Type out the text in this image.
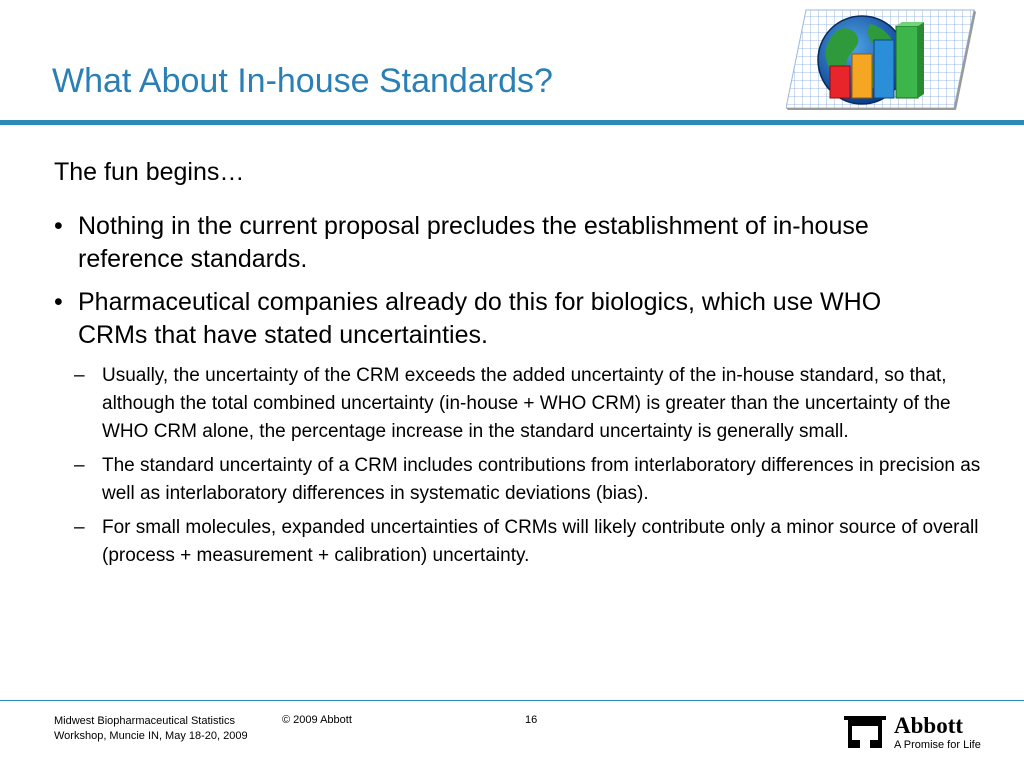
What About In-house Standards?
The fun begins…
• Nothing in the current proposal precludes the establishment of in-house reference standards.
• Pharmaceutical companies already do this for biologics, which use WHO CRMs that have stated uncertainties.
– Usually, the uncertainty of the CRM exceeds the added uncertainty of the in-house standard, so that, although the total combined uncertainty (in-house + WHO CRM) is greater than the uncertainty of the WHO CRM alone, the percentage increase in the standard uncertainty is generally small.
– The standard uncertainty of a CRM includes contributions from interlaboratory differences in precision as well as interlaboratory differences in systematic deviations (bias).
– For small molecules, expanded uncertainties of CRMs will likely contribute only a minor source of overall (process + measurement + calibration) uncertainty.
Midwest Biopharmaceutical Statistics
Workshop, Muncie IN, May 18-20, 2009
© 2009 Abbott	16	Abbott
A Promise for Life
